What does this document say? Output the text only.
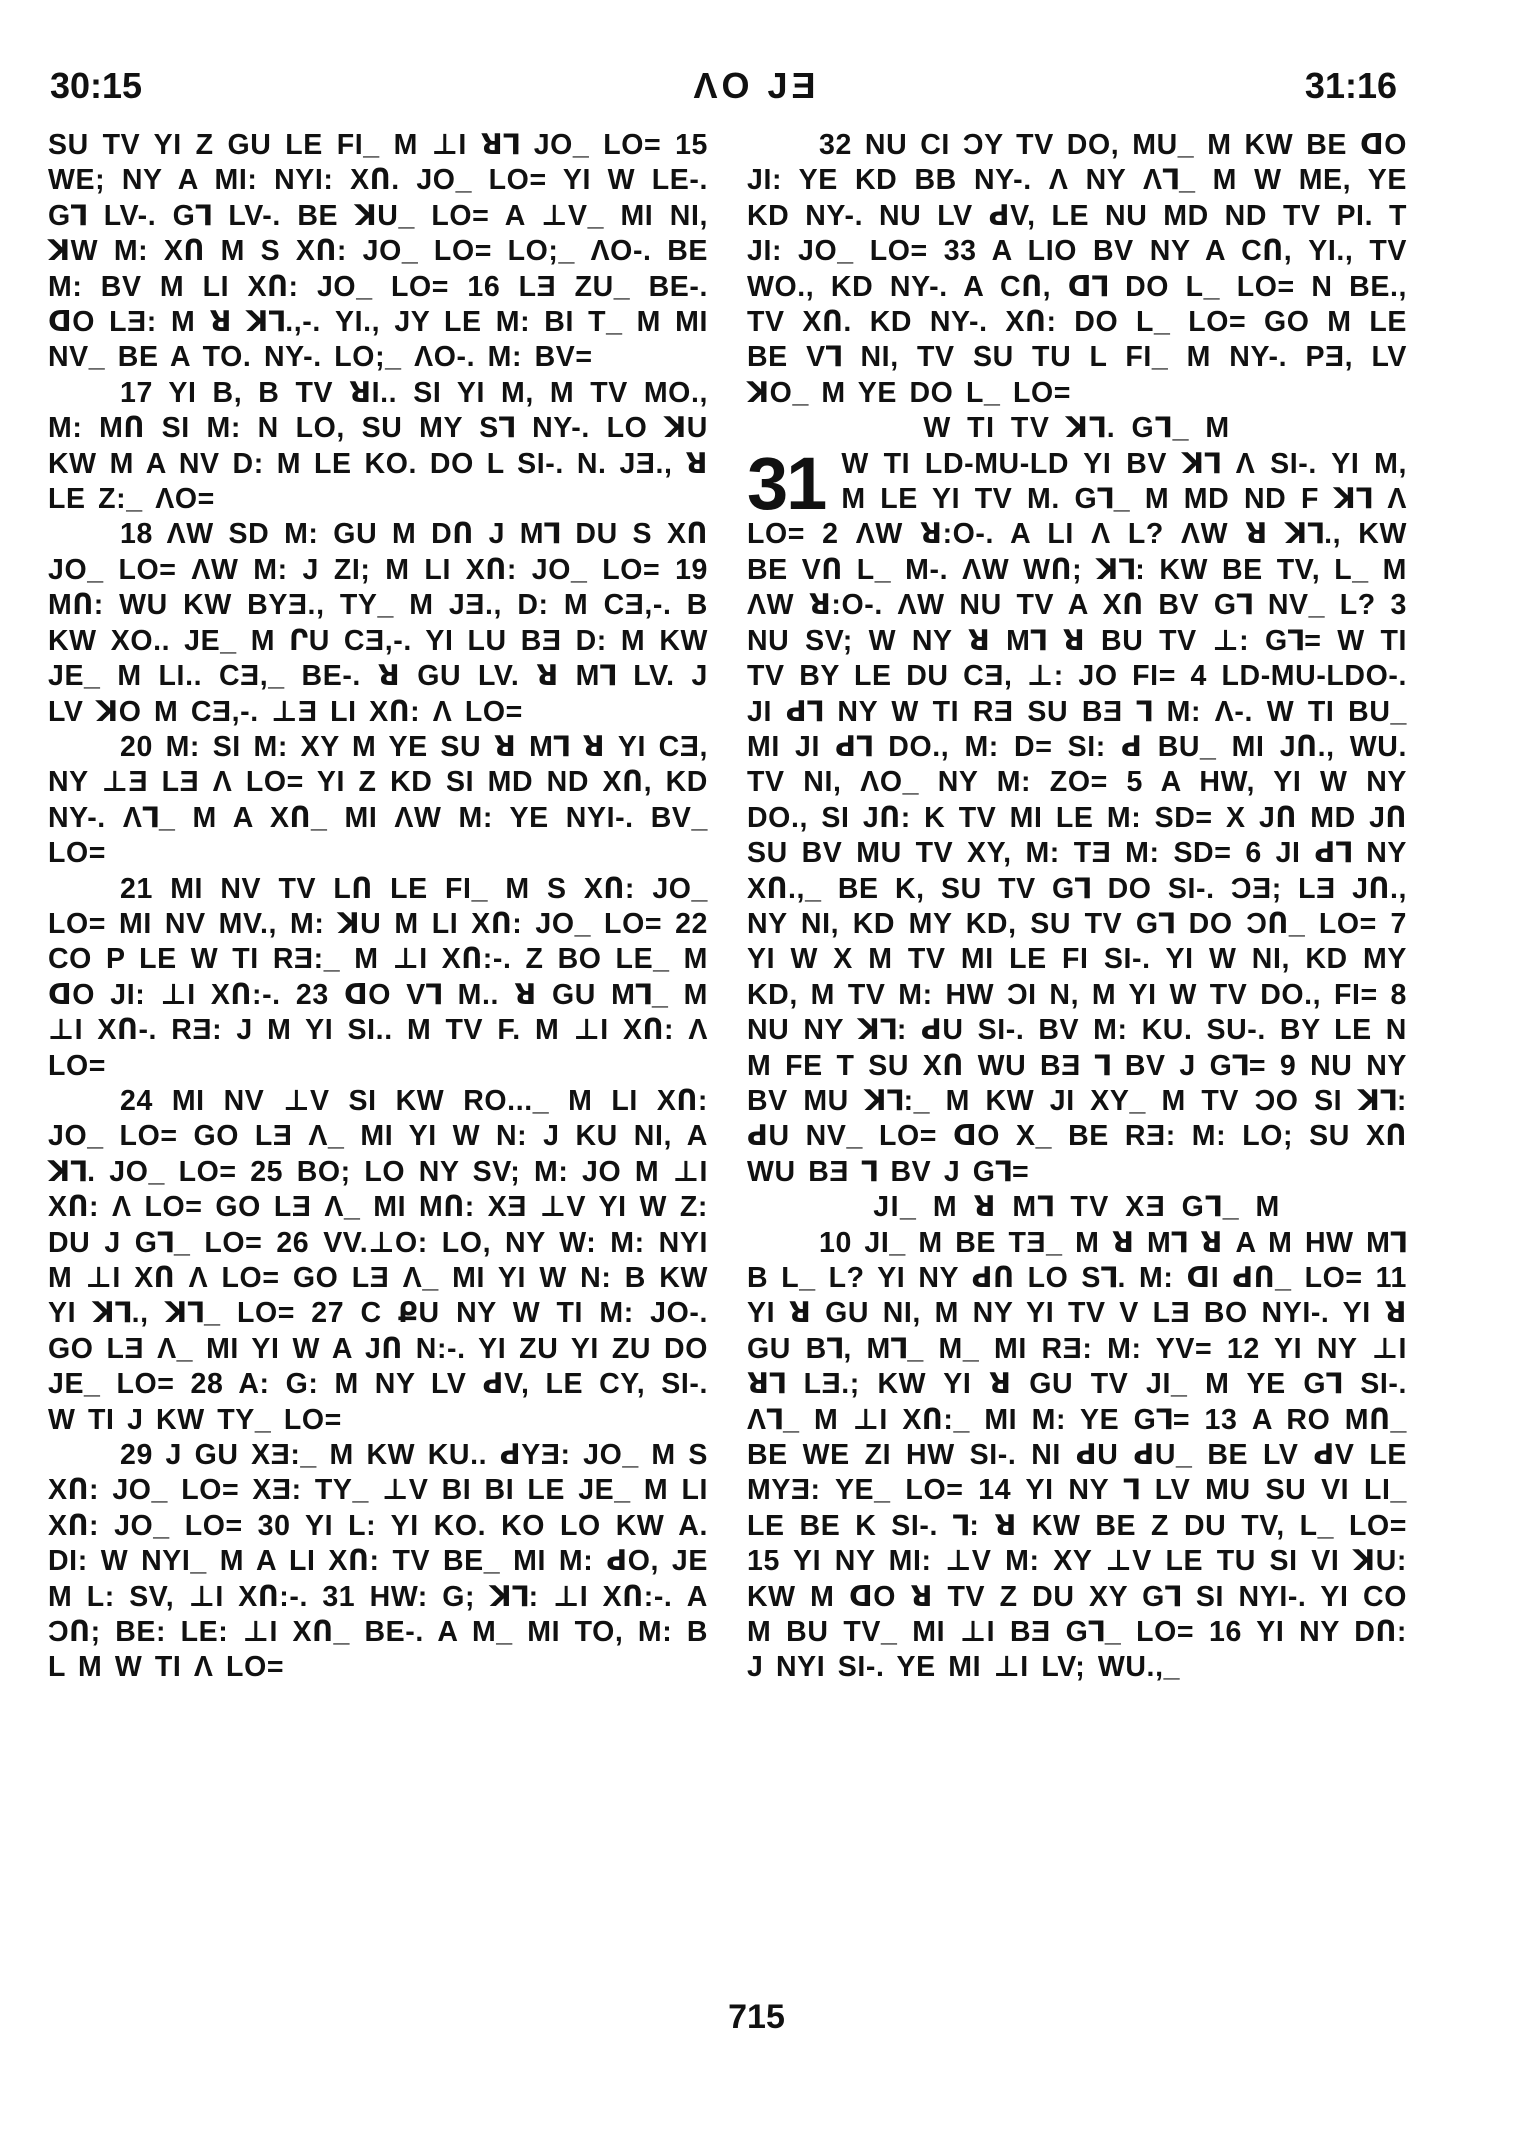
30:15	ΛO JƎ	31:16

SU TV YI Z GU LE FI_ M ⊥I ꓤꓶ JO_ LO= 15 WE; NY A MI: NYI: XՈ. JO_ LO= YI W LE-. Gꓶ LV-. Gꓶ LV-. BE ꓘU_ LO= A ⊥V_ MI NI, ꓘW M: XՈ M S XՈ: JO_ LO= LO;_ ΛO-. BE M: BV M LI XՈ: JO_ LO= 16 LƎ ZU_ BE-. ꓷO LƎ: M ꓤ ꓘꓶ.,-. YI., JY LE M: BI T_ M MI NV_ BE A TO. NY-. LO;_ ΛO-. M: BV=

17 YI B, B TV ꓤI.. SI YI M, M TV MO., M: MՈ SI M: N LO, SU MY Sꓶ NY-. LO ꓘU KW M A NV D: M LE KO. DO L SI-. N. JƎ., ꓤ LE Z:_ ΛO=

18 ΛW SD M: GU M DՈ J Mꓶ DU S XՈ JO_ LO= ΛW M: J ZI; M LI XՈ: JO_ LO= 19 MՈ: WU KW BYƎ., TY_ M JƎ., D: M CƎ,-. B KW XO.. JE_ M ՐU CƎ,-. YI LU BƎ D: M KW JE_ M LI.. CƎ,_ BE-. ꓤ GU LV. ꓤ Mꓶ LV. J LV ꓘO M CƎ,-. ⊥Ǝ LI XՈ: Λ LO=

20 M: SI M: XY M YE SU ꓤ Mꓶ ꓤ YI CƎ, NY ⊥Ǝ LƎ Λ LO= YI Z KD SI MD ND XՈ, KD NY-. Λꓶ_ M A XՈ_ MI ΛW M: YE NYI-. BV_ LO=

21 MI NV TV LՈ LE FI_ M S XՈ: JO_ LO= MI NV MV., M: ꓘU M LI XՈ: JO_ LO= 22 CO P LE W TI RƎ:_ M ⊥I XՈ:-. Z BO LE_ M ꓷO JI: ⊥I XՈ:-. 23 ꓷO Vꓶ M.. ꓤ GU Mꓶ_ M ⊥I XՈ-. RƎ: J M YI SI.. M TV F. M ⊥I XՈ: Λ LO=

24 MI NV ⊥V SI KW RO..._ M LI XՈ: JO_ LO= GO LƎ Λ_ MI YI W N: J KU NI, A ꓘꓶ. JO_ LO= 25 BO; LO NY SV; M: JO M ⊥I XՈ: Λ LO= GO LƎ Λ_ MI MՈ: XƎ ⊥V YI W Z: DU J Gꓶ_ LO= 26 VV.⊥O: LO, NY W: M: NYI M ⊥I XՈ Λ LO= GO LƎ Λ_ MI YI W N: B KW YI ꓘꓶ., ꓘꓶ_ LO= 27 C ՔU NY W TI M: JO-. GO LƎ Λ_ MI YI W A JՈ N:-. YI ZU YI ZU DO JE_ LO= 28 A: G: M NY LV ꓒV, LE CY, SI-. W TI J KW TY_ LO=

29 J GU XƎ:_ M KW KU.. ꓒYƎ: JO_ M S XՈ: JO_ LO= XƎ: TY_ ⊥V BI BI LE JE_ M LI XՈ: JO_ LO= 30 YI L: YI KO. KO LO KW A. DI: W NYI_ M A LI XՈ: TV BE_ MI M: ꓒO, JE M L: SV, ⊥I XՈ:-. 31 HW: G; ꓘꓶ: ⊥I XՈ:-. A ϽՈ; BE: LE: ⊥I XՈ_ BE-. A M_ MI TO, M: B L M W TI Λ LO=

32 NU CI ϽY TV DO, MU_ M KW BE ꓷO JI: YE KD BB NY-. Λ NY Λꓶ_ M W ME, YE KD NY-. NU LV ꓒV, LE NU MD ND TV PI. T JI: JO_ LO= 33 A LIO BV NY A CՈ, YI., TV WO., KD NY-. A CՈ, ꓷꓶ DO L_ LO= N BE., TV XՈ. KD NY-. XՈ: DO L_ LO= GO M LE BE Vꓶ NI, TV SU TU L FI_ M NY-. PƎ, LV ꓘO_ M YE DO L_ LO=

W TI TV ꓘꓶ. Gꓶ_ M

31 W TI LD-MU-LD YI BV ꓘꓶ Λ SI-. YI M, M LE YI TV M. Gꓶ_ M MD ND F ꓘꓶ Λ LO= 2 ΛW ꓤ:O-. A LI Λ L? ΛW ꓤ ꓘꓶ., KW BE VՈ L_ M-. ΛW WՈ; ꓘꓶ: KW BE TV, L_ M ΛW ꓤ:O-. ΛW NU TV A XՈ BV Gꓶ NV_ L? 3 NU SV; W NY ꓤ Mꓶ ꓤ BU TV ⊥: Gꓶ= W TI TV BY LE DU CƎ, ⊥: JO FI= 4 LD-MU-LDO-. JI ꓒꓶ NY W TI RƎ SU BƎ ꓶ M: Λ-. W TI BU_ MI JI ꓒꓶ DO., M: D= SI: ꓒ BU_ MI JՈ., WU. TV NI, ΛO_ NY M: ZO= 5 A HW, YI W NY DO., SI JՈ: K TV MI LE M: SD= X JՈ MD JՈ SU BV MU TV XY, M: TƎ M: SD= 6 JI ꓒꓶ NY XՈ.,_ BE K, SU TV Gꓶ DO SI-. ϽƎ; LƎ JՈ., NY NI, KD MY KD, SU TV Gꓶ DO ϽՈ_ LO= 7 YI W X M TV MI LE FI SI-. YI W NI, KD MY KD, M TV M: HW ϽI N, M YI W TV DO., FI= 8 NU NY ꓘꓶ: ꓒU SI-. BV M: KU. SU-. BY LE N M FE T SU XՈ WU BƎ ꓶ BV J Gꓶ= 9 NU NY BV MU ꓘꓶ:_ M KW JI XY_ M TV ϽO SI ꓘꓶ: ꓒU NV_ LO= ꓷO X_ BE RƎ: M: LO; SU XՈ WU BƎ ꓶ BV J Gꓶ=

JI_ M ꓤ Mꓶ TV XƎ Gꓶ_ M

10 JI_ M BE TƎ_ M ꓤ Mꓶ ꓤ A M HW Mꓶ B L_ L? YI NY ꓒՈ LO Sꓶ. M: ꓷI ꓒՈ_ LO= 11 YI ꓤ GU NI, M NY YI TV V LƎ BO NYI-. YI ꓤ GU Bꓶ, Mꓶ_ M_ MI RƎ: M: YV= 12 YI NY ⊥I ꓤꓶ LƎ.; KW YI ꓤ GU TV JI_ M YE Gꓶ SI-. Λꓶ_ M ⊥I XՈ:_ MI M: YE Gꓶ= 13 A RO MՈ_ BE WE ZI HW SI-. NI ꓒU ꓒU_ BE LV ꓒV LE MYƎ: YE_ LO= 14 YI NY ꓶ LV MU SU VI LI_ LE BE K SI-. ꓶ: ꓤ KW BE Z DU TV, L_ LO= 15 YI NY MI: ⊥V M: XY ⊥V LE TU SI VI ꓘU: KW M ꓷO ꓤ TV Z DU XY Gꓶ SI NYI-. YI CO M BU TV_ MI ⊥I BƎ Gꓶ_ LO= 16 YI NY DՈ: J NYI SI-. YE MI ⊥I LV; WU.,_

715
